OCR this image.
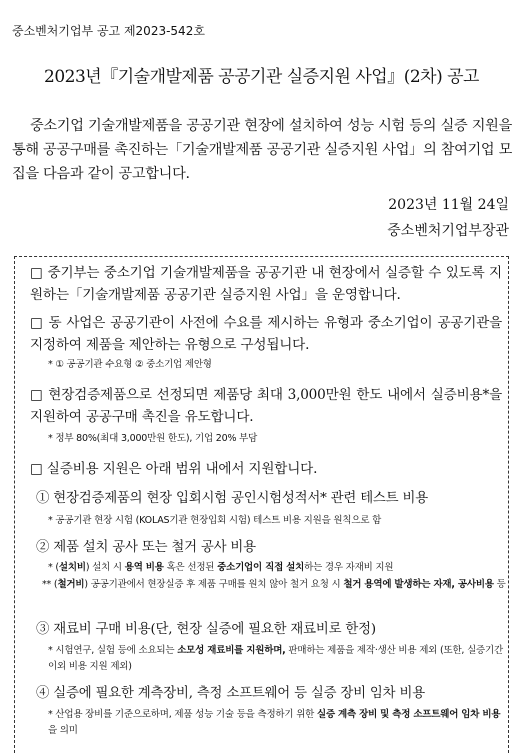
중소벤처기업부 공고 제2023-542호
2023년『기술개발제품 공공기관 실증지원 사업』(2차) 공고
중소기업 기술개발제품을 공공기관 현장에 설치하여 성능 시험 등의 실증 지원을 통해 공공구매를 촉진하는「기술개발제품 공공기관 실증지원 사업」의 참여기업 모집을 다음과 같이 공고합니다.
2023년 11월 24일
중소벤처기업부장관
□ 중기부는 중소기업 기술개발제품을 공공기관 내 현장에서 실증할 수 있도록 지원하는「기술개발제품 공공기관 실증지원 사업」을 운영합니다.
□ 동 사업은 공공기관이 사전에 수요를 제시하는 유형과 중소기업이 공공기관을 지정하여 제품을 제안하는 유형으로 구성됩니다.
* ① 공공기관 수요형 ② 중소기업 제안형
□ 현장검증제품으로 선정되면 제품당 최대 3,000만원 한도 내에서 실증비용*을 지원하여 공공구매 촉진을 유도합니다.
* 정부 80%(최대 3,000만원 한도), 기업 20% 부담
□ 실증비용 지원은 아래 범위 내에서 지원합니다.
① 현장검증제품의 현장 입회시험 공인시험성적서* 관련 테스트 비용
* 공공기관 현장 시험 (KOLAS기관 현장입회 시험) 테스트 비용 지원을 원칙으로 함
② 제품 설치 공사 또는 철거 공사 비용
* (설치비) 설치 시 용역 비용 혹은 선정된 중소기업이 직접 설치하는 경우 자재비 지원
** (철거비) 공공기관에서 현장실증 후 제품 구매를 원치 않아 철거 요청 시 철거 용역에 발생하는 자재, 공사비용 등
③ 재료비 구매 비용(단, 현장 실증에 필요한 재료비로 한정)
* 시험연구, 실험 등에 소요되는 소모성 재료비를 지원하며, 판매하는 제품을 제작·생산 비용 제외 (또한, 실증기간 이외 비용 지원 제외)
④ 실증에 필요한 계측장비, 측정 소프트웨어 등 실증 장비 임차 비용
* 산업용 장비를 기준으로하며, 제품 성능 기술 등을 측정하기 위한 실증 계측 장비 및 측정 소프트웨어 임차 비용을 의미
